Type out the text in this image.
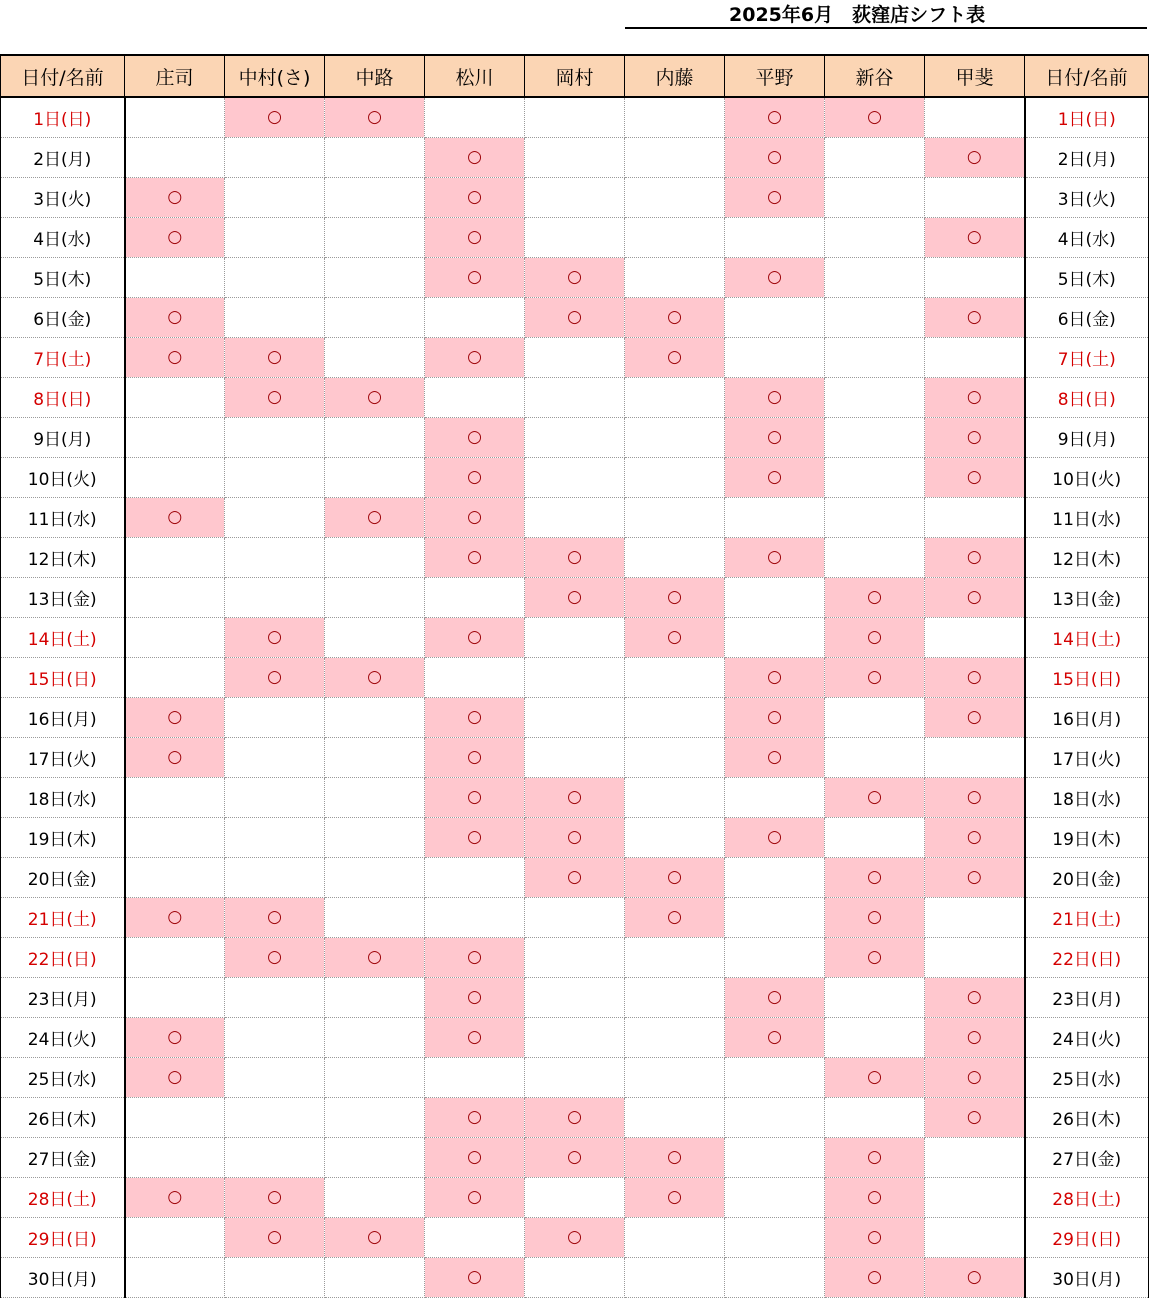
2025年6月　荻窪店シフト表
日付/名前	庄司	中村(さ)	中路	松川	岡村	内藤	平野	新谷	甲斐	日付/名前
1日(日)		○	○				○	○		1日(日)
2日(月)				○			○		○	2日(月)
3日(火)	○			○			○			3日(火)
4日(水)	○			○					○	4日(水)
5日(木)				○	○		○			5日(木)
6日(金)	○				○	○			○	6日(金)
7日(土)	○	○		○		○				7日(土)
8日(日)		○	○				○		○	8日(日)
9日(月)				○			○		○	9日(月)
10日(火)				○			○		○	10日(火)
11日(水)	○		○	○						11日(水)
12日(木)				○	○		○		○	12日(木)
13日(金)					○	○		○	○	13日(金)
14日(土)		○		○		○		○		14日(土)
15日(日)		○	○				○	○	○	15日(日)
16日(月)	○			○			○		○	16日(月)
17日(火)	○			○			○			17日(火)
18日(水)				○	○			○	○	18日(水)
19日(木)				○	○		○		○	19日(木)
20日(金)					○	○		○	○	20日(金)
21日(土)	○	○				○		○		21日(土)
22日(日)		○	○	○				○		22日(日)
23日(月)				○			○		○	23日(月)
24日(火)	○			○			○		○	24日(火)
25日(水)	○							○	○	25日(水)
26日(木)				○	○				○	26日(木)
27日(金)				○	○	○		○		27日(金)
28日(土)	○	○		○		○		○		28日(土)
29日(日)		○	○		○			○		29日(日)
30日(月)				○				○	○	30日(月)
